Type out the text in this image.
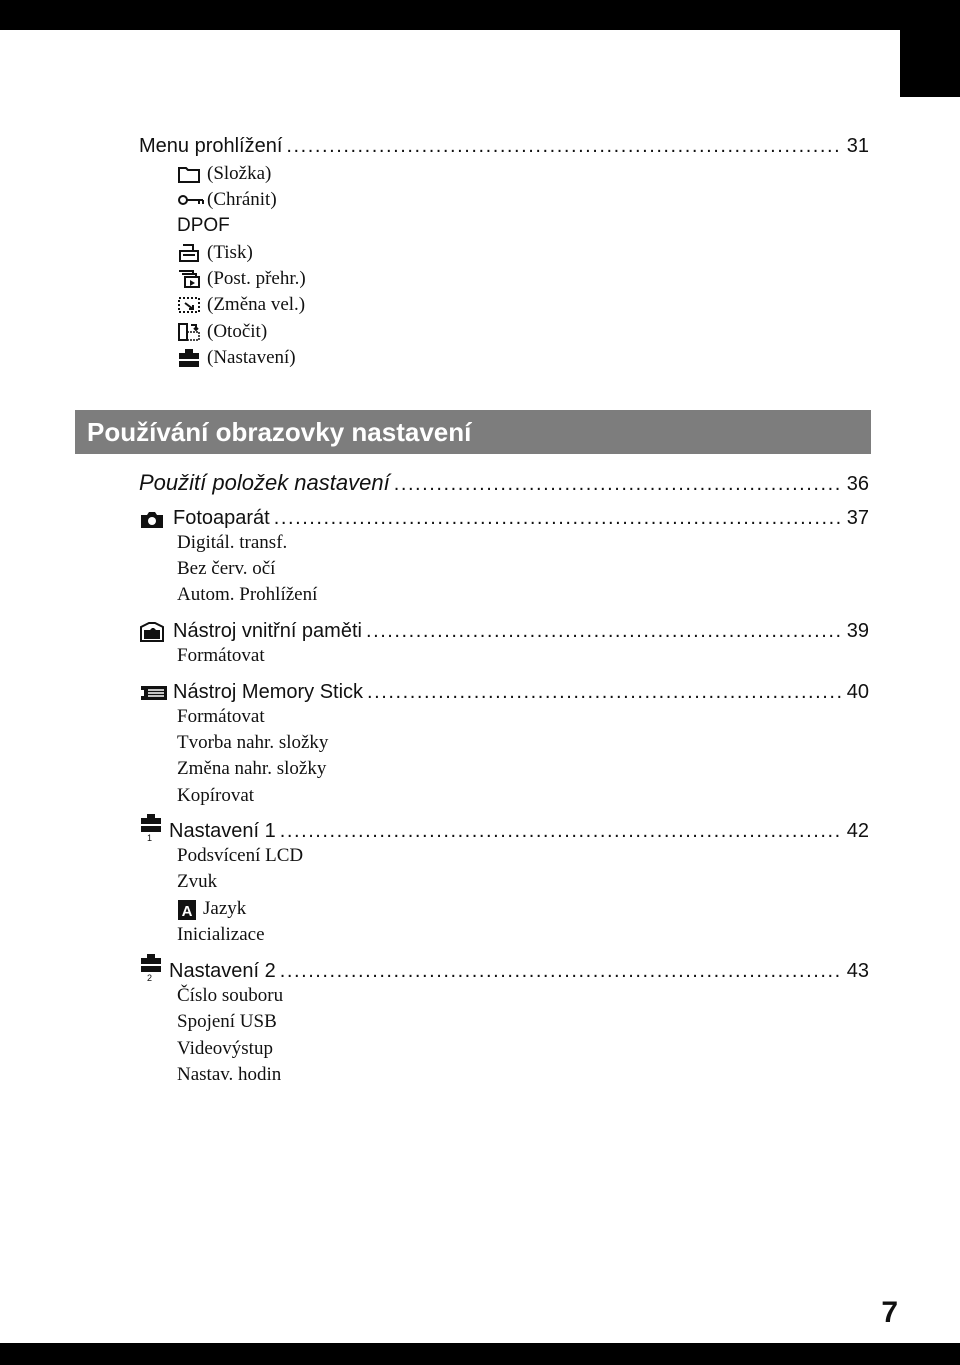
Menu prohlížení . . .	31
(Složka)
(Chránit)
DPOF
(Tisk)
(Post. přehr.)
(Změna vel.)
(Otočit)
(Nastavení)
Používání obrazovky nastavení
Použití položek nastavení . . .	36
Fotoaparát . . .	37
Digitál. transf.
Bez červ. očí
Autom. Prohlížení
Nástroj vnitřní paměti . . .	39
Formátovat
Nástroj Memory Stick . . .	40
Formátovat
Tvorba nahr. složky
Změna nahr. složky
Kopírovat
1 Nastavení 1 . . .	42
Podsvícení LCD
Zvuk
A Jazyk
Inicializace
2 Nastavení 2 . . .	43
Číslo souboru
Spojení USB
Videovýstup
Nastav. hodin
7
